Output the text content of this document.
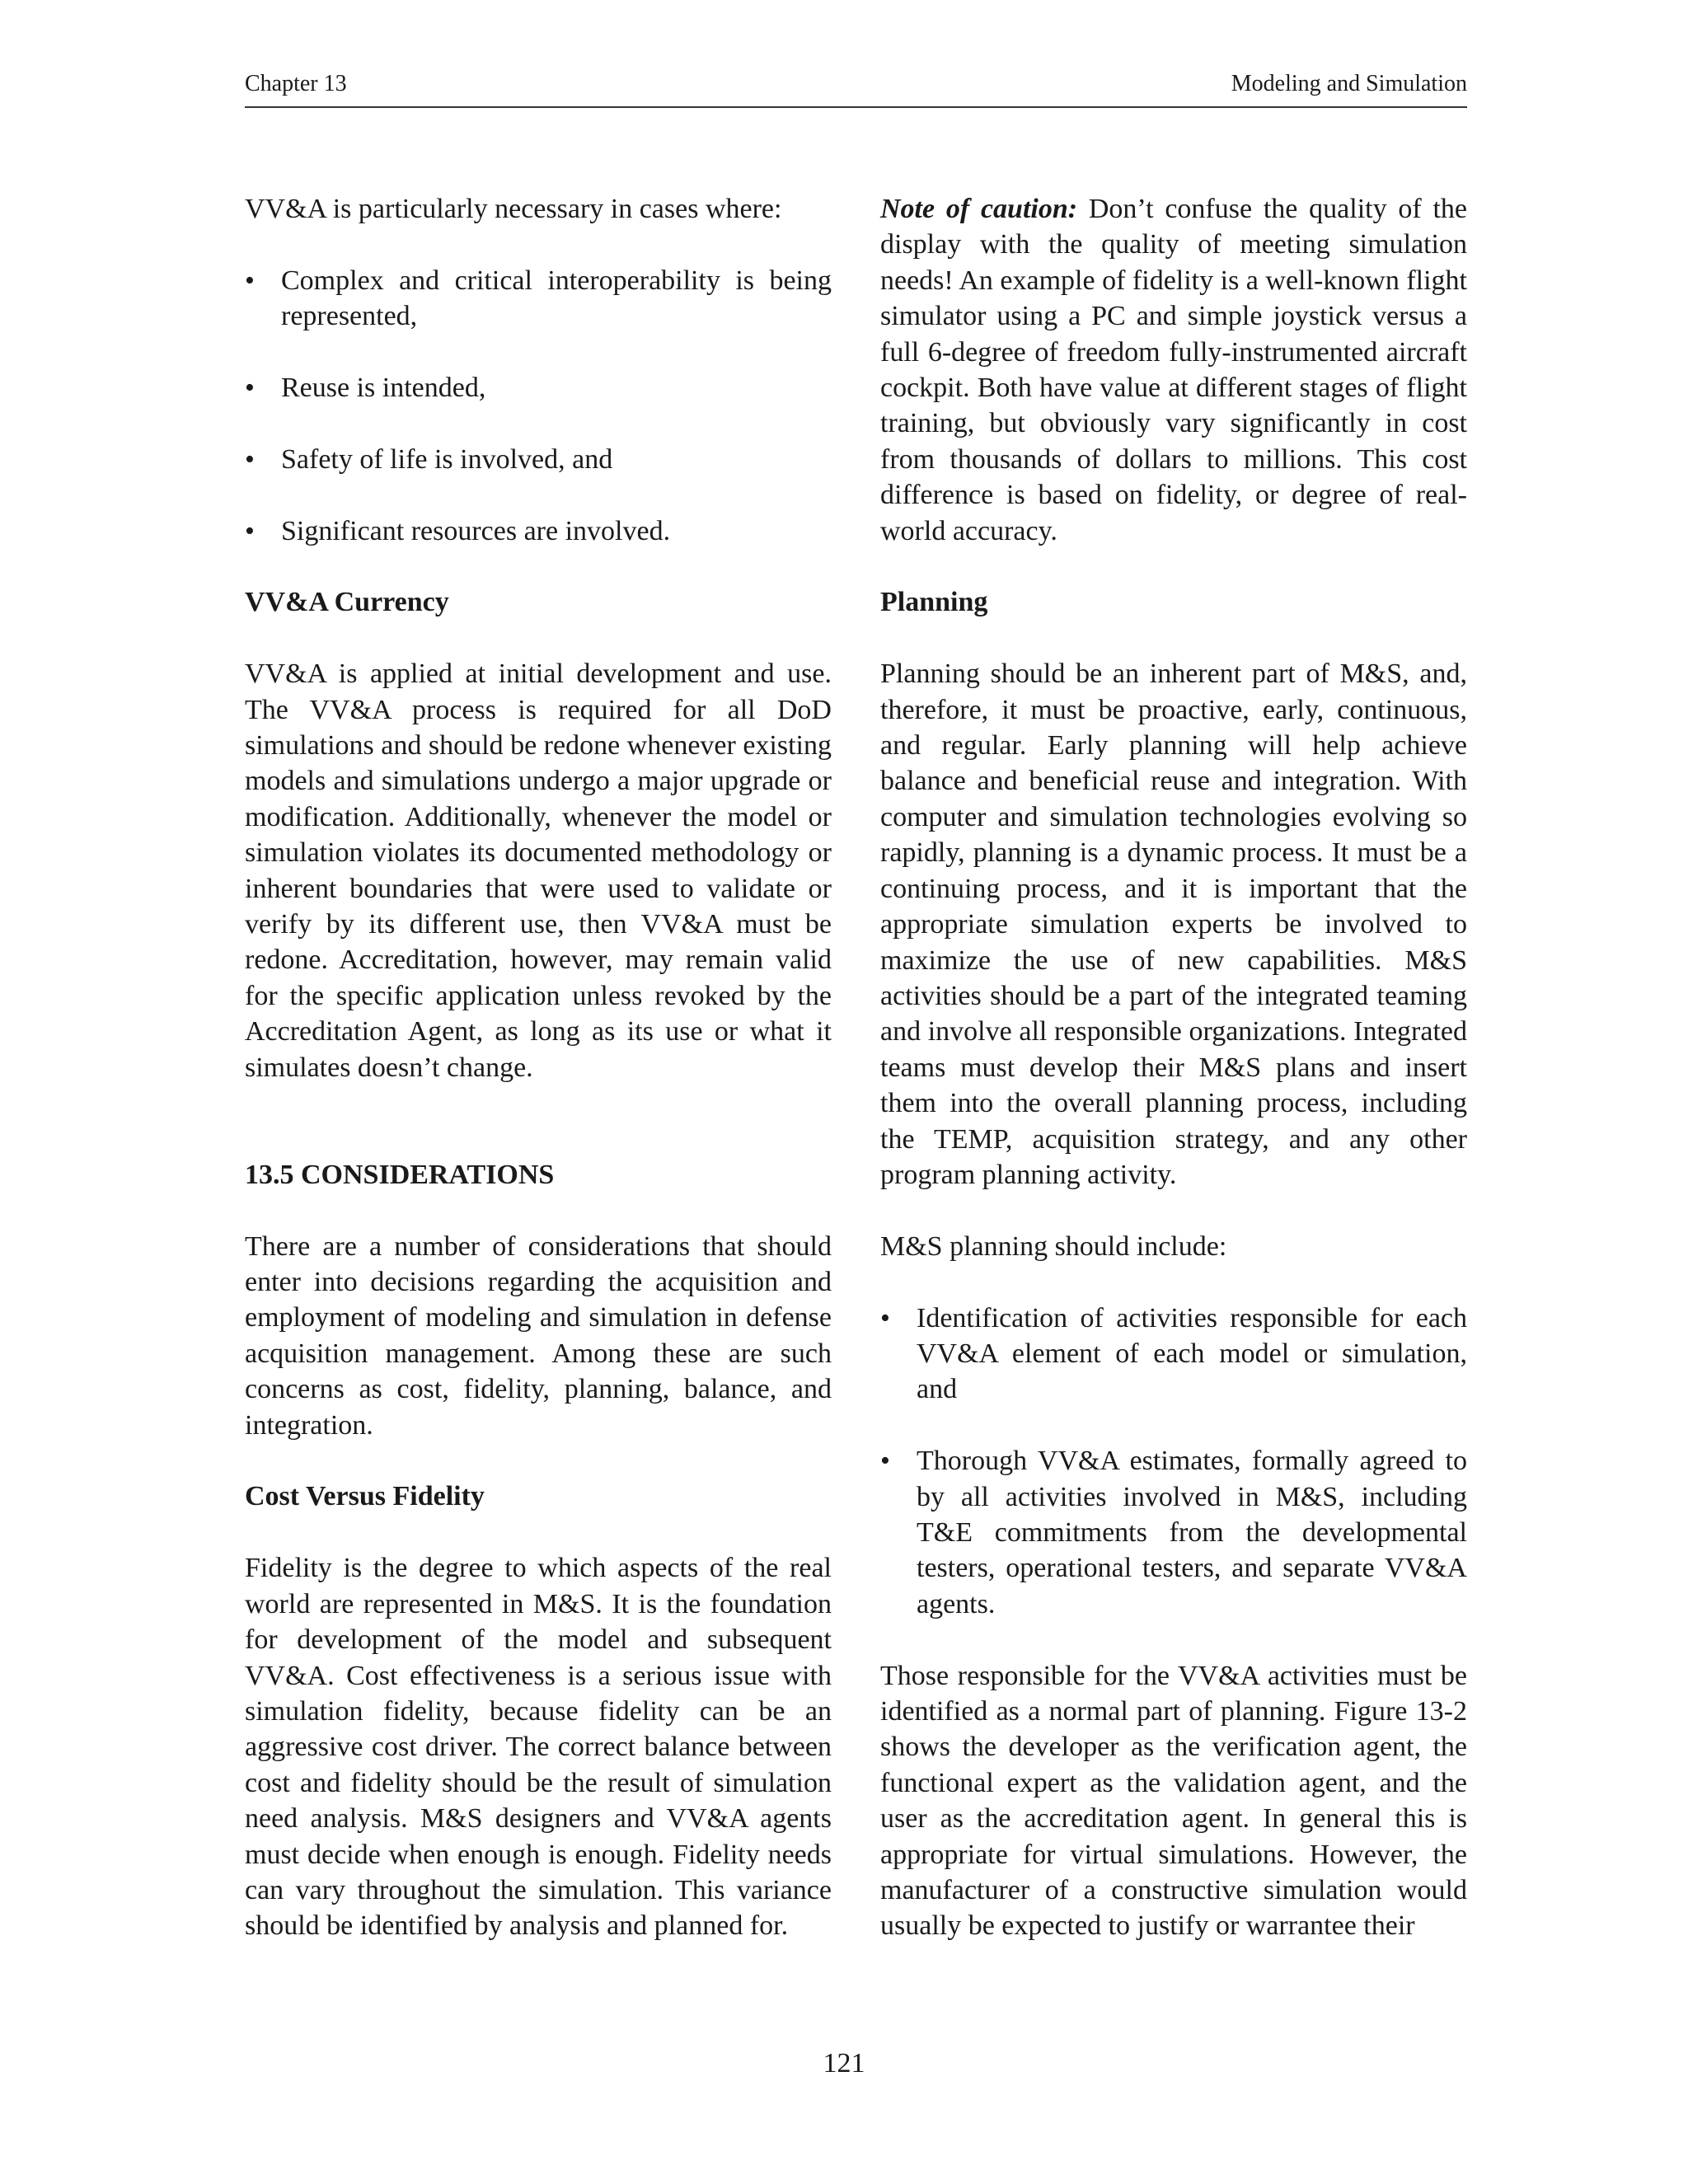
Chapter 13	Modeling and Simulation

VV&A is particularly necessary in cases where:

• Complex and critical interoperability is being represented,
• Reuse is intended,
• Safety of life is involved, and
• Significant resources are involved.
VV&A Currency

VV&A is applied at initial development and use. The VV&A process is required for all DoD simulations and should be redone whenever existing models and simulations undergo a major upgrade or modification. Additionally, whenever the model or simulation violates its documented methodology or inherent boundaries that were used to validate or verify by its different use, then VV&A must be redone. Accreditation, however, may remain valid for the specific application unless revoked by the Accreditation Agent, as long as its use or what it simulates doesn’t change.

13.5 CONSIDERATIONS

There are a number of considerations that should enter into decisions regarding the acquisition and employment of modeling and simulation in defense acquisition management. Among these are such concerns as cost, fidelity, planning, balance, and integration.

Cost Versus Fidelity

Fidelity is the degree to which aspects of the real world are represented in M&S. It is the foundation for development of the model and subsequent VV&A. Cost effectiveness is a serious issue with simulation fidelity, because fidelity can be an aggressive cost driver. The correct balance between cost and fidelity should be the result of simulation need analysis. M&S designers and VV&A agents must decide when enough is enough. Fidelity needs can vary throughout the simulation. This variance should be identified by analysis and planned for.

Note of caution: Don’t confuse the quality of the display with the quality of meeting simulation needs! An example of fidelity is a well-known flight simulator using a PC and simple joystick versus a full 6-degree of freedom fully-instrumented aircraft cockpit. Both have value at different stages of flight training, but obviously vary significantly in cost from thousands of dollars to millions. This cost difference is based on fidelity, or degree of real-world accuracy.

Planning

Planning should be an inherent part of M&S, and, therefore, it must be proactive, early, continuous, and regular. Early planning will help achieve balance and beneficial reuse and integration. With computer and simulation technologies evolving so rapidly, planning is a dynamic process. It must be a continuing process, and it is important that the appropriate simulation experts be involved to maximize the use of new capabilities. M&S activities should be a part of the integrated teaming and involve all responsible organizations. Integrated teams must develop their M&S plans and insert them into the overall planning process, including the TEMP, acquisition strategy, and any other program planning activity.

M&S planning should include:

• Identification of activities responsible for each VV&A element of each model or simulation, and
• Thorough VV&A estimates, formally agreed to by all activities involved in M&S, including T&E commitments from the developmental testers, operational testers, and separate VV&A agents.

Those responsible for the VV&A activities must be identified as a normal part of planning. Figure 13-2 shows the developer as the verification agent, the functional expert as the validation agent, and the user as the accreditation agent. In general this is appropriate for virtual simulations. However, the manufacturer of a constructive simulation would usually be expected to justify or warrantee their

121
